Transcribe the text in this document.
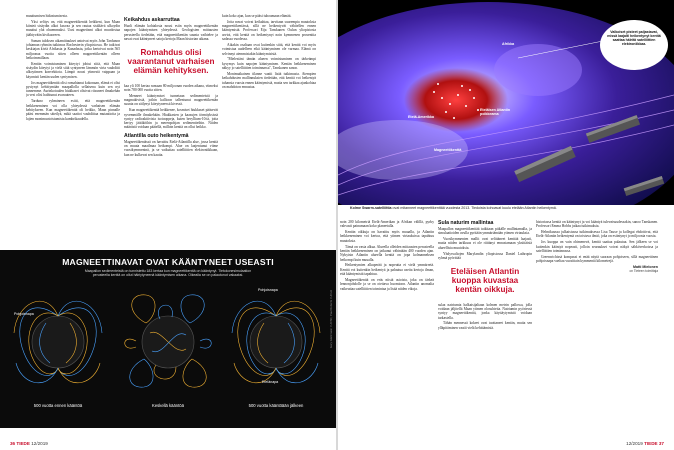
muuttumisen hidastumisesta.

Yksi selitys on, että magneettikenttä heikkeni, kun Maan kiinteä sisäydin alkoi kasvaa ja sen rautaa sisältävä ulkoydin muuttui yhä ohuemmaksi. Uusi magnetismi alkoi muodostua jäähtyvään kivikuoreen.

Saman tuloksen aikamittaukset antoivat myös John Tardunon johtaman ryhmän tutkimus Rochesterin yliopistossa. He tutkivat keskiajan kiviä Afrikasta ja Kanadasta, jotka kertoivat noin 565 miljoonaa vuotta sitten olleen magneettikentän olleen heikoimmillaan.

Kentän voimistuminen kiteytyi johtui siitä, että Maan sisäydin kiteytyi ja vielä siitä syntyneen lämmön virta vauhditti ulkoytimen konvektiota. Lämpö nousi ytimestä vaippaan ja käynnisti kentän uuden syntymisen.

Jos magneettikenttä olisi romahtanut kokonaan, elämä ei olisi pystynyt kehittymään maapallolla sellaisena kuin sen nyt tunnemme. Aurinkotuulen hiukkaset olisivat riisuneet ilmakehän ja vesi olisi haihtunut avaruuteen.

Tarduno ryhmineen esitti, että magneettikentän heikkeneminen voi olla yhteydessä varhaisen elämän kehitykseen. Kun magneettikenttä oli heikko, Maan pinnalle pääsi enemmän säteilyä, mikä saattoi vauhdittaa mutaatioita ja lajien monimuotoistumista kambrikaudella.

Keikahdus askarruttaa

Huoli elämän kohtalosta nousi esiin myös magneettikentän napojen kääntymisen yhteydessä. Geologisten mittausten perusteella tiedetään, että magneettikentän suunta vaihtelee ja navat ovat kääntyneet satoja kertoja Maan historian aikana.

Romahdus olisi vaarantanut varhaisen elämän kehityksen.

kaa yli 100 kertaa runsaan 80 miljoonan vuoden aikana, viimeksi noin 780 000 vuotta sitten.

Menneet kääntymiset tunnetaan sedimenteistä ja magmakivistä, joihin kallioon tallentunut magneettikentän suunta on säilynyt kiteytyneessä kivessä.

Kun magneettikenttä heikkenee, kosmiset hiukkaset pääsevät syvemmälle ilmakehään. Hiukkasten ja kaasujen törmäyksissä syntyy radioaktiivisia isotooppeja, kuten beryllium-10:tä, joita kertyy jäätiköihin ja merenpohjan sedimentteihin. Niiden määrästä voidaan päätellä, milloin kenttä on ollut heikko.

Atlantilla outo heikentymä

Magneettikentässä on havaittu Etelä-Atlantilla alue, jossa kenttä on muuta maailmaa heikompi. Alue on laajentunut viime vuosikymmeninä, ja se vaikuttaa satelliittien elektroniikkaan, kun ne kulkevat sen kautta.

kuin koko ajan, kun se pääsi tuhoamaan elämää.

Jotta navat voivat keikahtaa, tarvitaan suurempia muutoksia magneettikentässä, sillä ne heikentyvät vähitellen ennen kääntymistä. Professori Eija Tanskanen Oulun yliopistosta arvioi, että kenttä on heikentynyt noin kymmenen prosenttia sadassa vuodessa.

Aikakin osaltaan ovat kuitenkin siitä, että kenttä voi myös voimistua uudelleen eikä kääntyminen ole varmaa. Elämä on selvinnyt aiemmistakin kääntymisistä.

"Mielestäni tämän alueen voimistuminen on tärkeämpi kysymys kuin napojen kääntyminen. Kentän heikkeneminen näkyy jo satelliittien toiminnassa", Tanskanen sanoo.

Monimutkainen tilanne vaatii lisää tutkimusta. Aiempien keikahdusten mallinnuksien tiedetään, että kenttä voi heikentyä tuhansia vuosia ennen kääntymistä, mutta sen tarkkaa ajankohtaa on mahdoton ennustaa.

MAGNEETTINAVAT OVAT KÄÄNTYNEET USEASTI
Maapallon sedimenteistä on tunnistettu 183 kertaa kun magneettikenttä on kääntynyt. Tietokonesimulaation perusteella kenttä on ollut häiriytyneenä kääntymisen aikana. Oikealla se on palautunut vakaaksi.
Pohjoisnapa
500 vuotta ennen kääntöä	Keskellä kääntöä
Pohjoisnapa
Etelänapa
500 vuotta kääntöään jälkeen
Gary Glatzmaier / UCSC, Paul Roberts / UCLA
36 TIEDE 12/2019
Afrikka
Etelä-Amerikka
Magneettikenttä
Eteläisen Atlantin poikkeama
Valkoiset pisteet paljastavat, missä laajalti heikentynyt kenttä saattaa häiritä satelliittien elektroniikkaa.
Kolme Swarm-satelliittia ovat mitanneet magneettikenttää vuodesta 2013. Tiedoista kohoavat kuulu etelään Atlantin heikentymä.

noin 200 kilometriä Etelä-Amerikan ja Afrikan välillä, pyrky vahvasti painumaan koko planeetalla.

Kentän oikkuja on havaittu myös muualla, ja Atlantin heikkeneminen voi kertoa, että ytimen virtauksissa tapahtuu muutoksia.

Tämä on vasta alkua. Alueella olleiden mittausten perusteella kentän heikkeneminen on jatkunut vähintään 400 vuoden ajan. Nykyisin Atlantin alueella kenttä on jopa kolmanneksen heikompi kuin muualla.

Heikentymien alkuperää ja nopeutta ei vielä ymmärretä. Kenttä voi kuitenkin heikentyä ja palautua useita kertoja ilman, että kääntymistä tapahtuu.

Magneettikenttä on eräs niistä asioista, joka on tärkeä lennonjohdolle ja se on otettava huomioon. Atlantin anomalia vaikeuttaa satelliittien toimintaa ja lisää niiden vikoja.

Sula naturim mallintaa

Maapallon magneettikenttää tutkitaan pitkälle mallintamalla, ja simulaatioiden avulla pyritään ymmärtämään ytimen virtauksia.

Vuosikymmenten mallit ovat selittäneet kenttää laajasti, mutta niiden tarkkuus ei ole riittänyt ennustamaan yksittäisiä alueellisia muutoksia.

Yhdysvaltojen Marylandin yliopistossa Daniel Lathropin ryhmä pyörittää

Eteläisen Atlantin kuoppa kuvastaa kentän oikkuja.

sulaa natriumia halkaisijaltaan kolmen metrin pallossa, jolla voidaan jäljitellä Maan ytimen olosuhteita. Natriumin pyöriessä syntyy magneettikenttä, jonka käyttäytymistä voidaan tarkastella.

Tähän mennessä kokeet ovat tuottaneet kentän, mutta sen ylläpitäminen vaatii vielä kehittämistä.

historiassa kenttä on kääntynyt ja voi kääntyä tulevaisuudessakin, sanoo Tanskanen. Professori Emma Hobbs jatkaa tutkimuksia.

Helmikuussa julkaistussa tutkimuksessa Lisa Tauxe ja kollegat ehdottivat, että Etelä-Atlantin heikentymä on toistuva ilmiö, joka on esiintynyt jo miljoonia vuosia.

Jos kuoppa on vain ohimenevä, kenttä saattaa palautua. Sen jälkeen se voi kuitenkin kääntyä nopeasti, jolloin seuraukset voivat näkyä sähköverkoissa ja satelliittien toiminnassa.

Greenwichissä kompassi ei enää näytä suoraan pohjoiseen, sillä magneettinen pohjoisnapa vaeltaa vuosittain kymmeniä kilometrejä.

Matti Mielonen
on Tieteen toimittaja
12/2019 TIEDE 37
